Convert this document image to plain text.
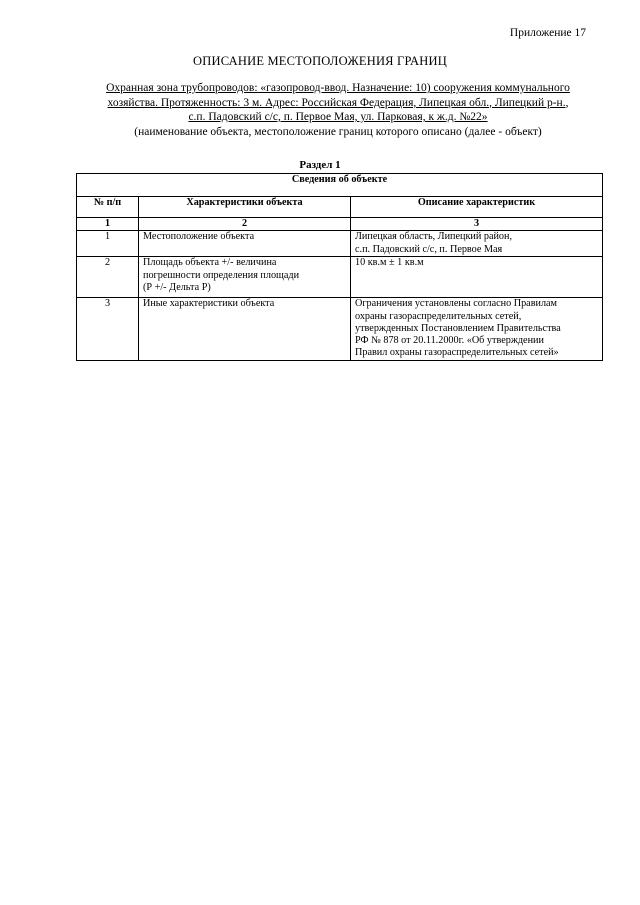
Приложение 17
ОПИСАНИЕ МЕСТОПОЛОЖЕНИЯ ГРАНИЦ
Охранная зона трубопроводов: «газопровод-ввод. Назначение: 10) сооружения коммунального
хозяйства. Протяженность: 3 м. Адрес: Российская Федерация, Липецкая обл., Липецкий р-н.,
с.п. Падовский с/с, п. Первое Мая, ул. Парковая, к ж.д. №22»
(наименование объекта, местоположение границ которого описано (далее - объект)
Раздел 1
Сведения об объекте		
№ п/п	Характеристики объекта	Описание характеристик
1	2	3
1	Местоположение объекта	Липецкая область, Липецкий район,
с.п. Падовский с/с, п. Первое Мая

2	Площадь объекта +/- величина
погрешности определения площади
(Р +/- Дельта Р)	10 кв.м ± 1 кв.м

3	Иные характеристики объекта	Ограничения установлены согласно Правилам
охраны газораспределительных сетей,
утвержденных Постановлением Правительства
РФ № 878 от 20.11.2000г. «Об утверждении
Правил охраны газораспределительных сетей»
